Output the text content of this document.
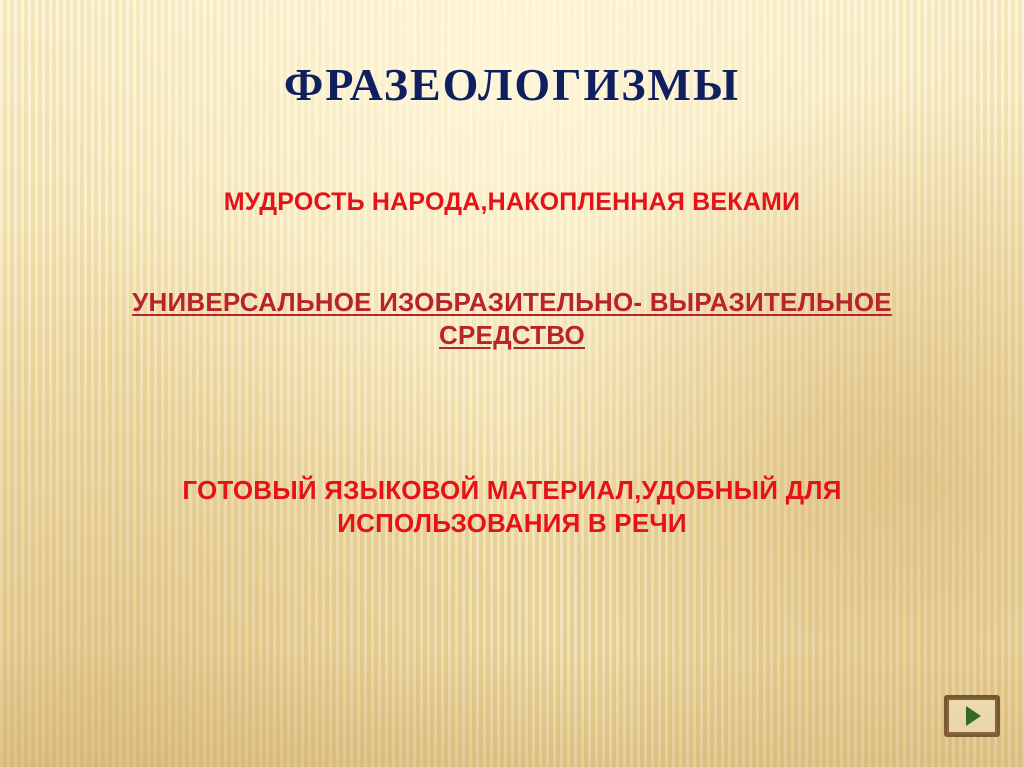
ФРАЗЕОЛОГИЗМЫ
МУДРОСТЬ НАРОДА,НАКОПЛЕННАЯ ВЕКАМИ
УНИВЕРСАЛЬНОЕ ИЗОБРАЗИТЕЛЬНО- ВЫРАЗИТЕЛЬНОЕ СРЕДСТВО
ГОТОВЫЙ ЯЗЫКОВОЙ МАТЕРИАЛ,УДОБНЫЙ ДЛЯ ИСПОЛЬЗОВАНИЯ В РЕЧИ
